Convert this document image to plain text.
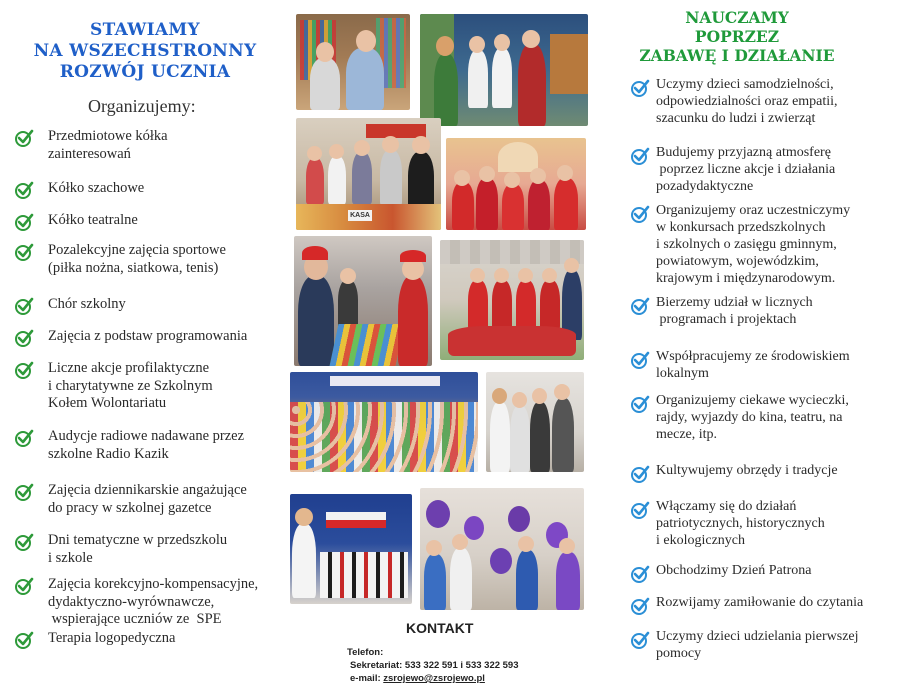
STAWIAMY
NA WSZECHSTRONNY
ROZWÓJ UCZNIA
Organizujemy:
Przedmiotowe kółka
zainteresowań
Kółko szachowe
Kółko teatralne
Pozalekcyjne zajęcia sportowe
(piłka nożna, siatkowa, tenis)
Chór szkolny
Zajęcia z podstaw programowania
Liczne akcje profilaktyczne
i charytatywne ze Szkolnym
Kołem Wolontariatu
Audycje radiowe nadawane przez
szkolne Radio Kazik
Zajęcia dziennikarskie angażujące
do pracy w szkolnej gazetce
Dni tematyczne w przedszkolu
i szkole
Zajęcia korekcyjno-kompensacyjne,
dydaktyczno-wyrównawcze,
wspierające uczniów ze  SPE
Terapia logopedyczna
KASA
KONTAKT
Telefon:
Sekretariat: 533 322 591 i 533 322 593
e-mail: zsrojewo@zsrojewo.pl
NAUCZAMY
POPRZEZ
ZABAWĘ I DZIAŁANIE
Uczymy dzieci samodzielności,
odpowiedzialności oraz empatii,
szacunku do ludzi i zwierząt
Budujemy przyjazną atmosferę
poprzez liczne akcje i działania
pozadydaktyczne
Organizujemy oraz uczestniczymy
w konkursach przedszkolnych
i szkolnych o zasięgu gminnym,
powiatowym, wojewódzkim,
krajowym i międzynarodowym.
Bierzemy udział w licznych
programach i projektach
Współpracujemy ze środowiskiem
lokalnym
Organizujemy ciekawe wycieczki,
rajdy, wyjazdy do kina, teatru, na
mecze, itp.
Kultywujemy obrzędy i tradycje
Włączamy się do działań
patriotycznych, historycznych
i ekologicznych
Obchodzimy Dzień Patrona
Rozwijamy zamiłowanie do czytania
Uczymy dzieci udzielania pierwszej
pomocy
